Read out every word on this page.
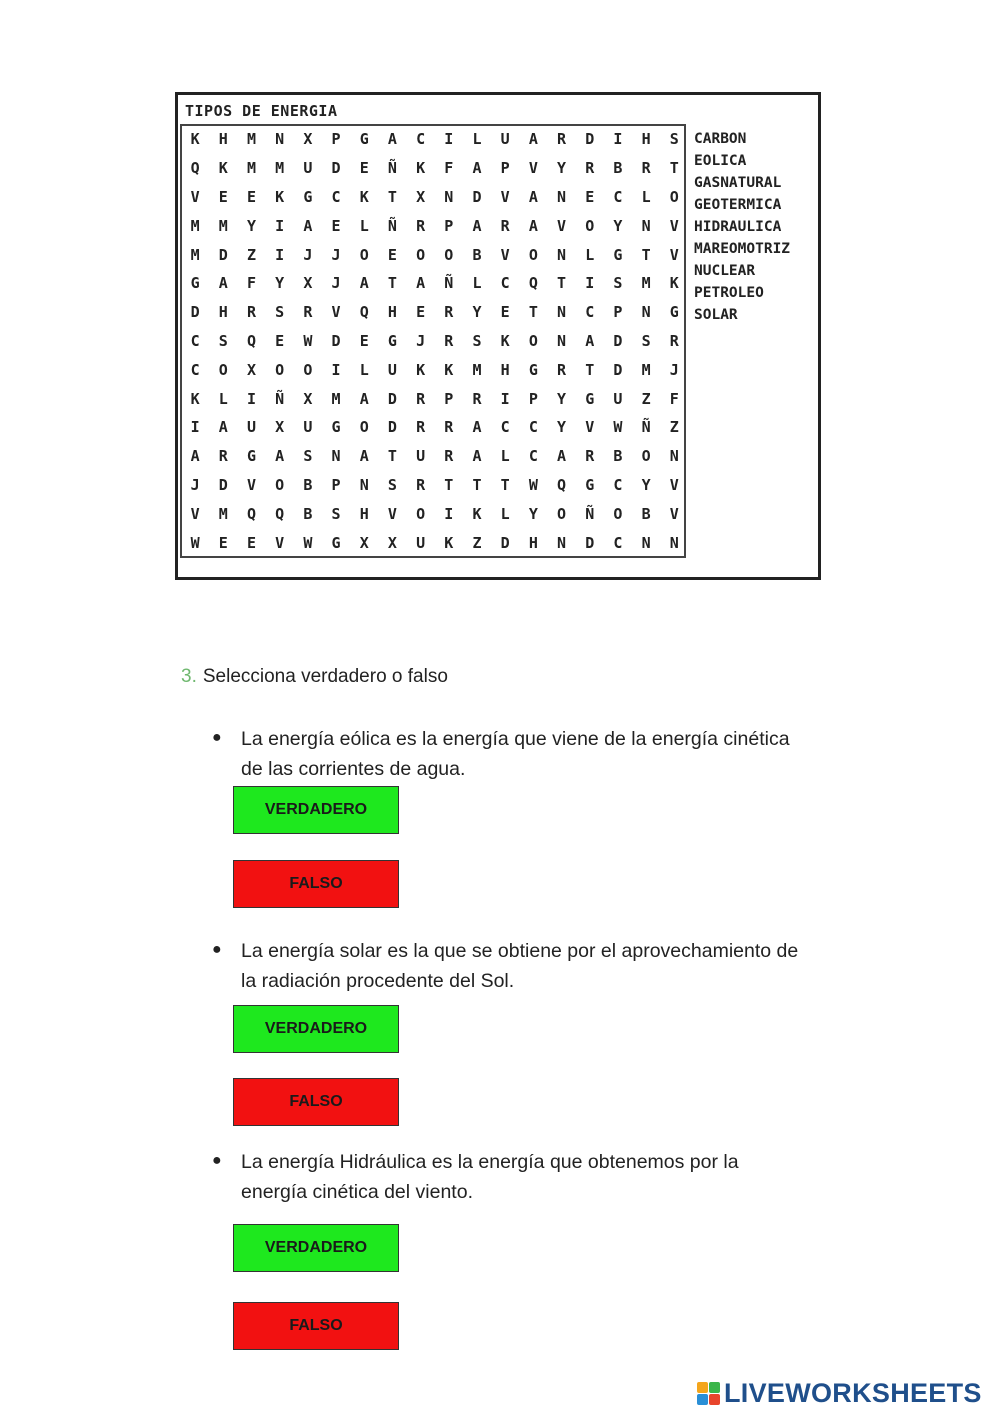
TIPOS DE ENERGIA
K	H	M	N	X	P	G	A	C	I	L	U	A	R	D	I	H	S
Q	K	M	M	U	D	E	Ñ	K	F	A	P	V	Y	R	B	R	T
V	E	E	K	G	C	K	T	X	N	D	V	A	N	E	C	L	O
M	M	Y	I	A	E	L	Ñ	R	P	A	R	A	V	O	Y	N	V
M	D	Z	I	J	J	O	E	O	O	B	V	O	N	L	G	T	V
G	A	F	Y	X	J	A	T	A	Ñ	L	C	Q	T	I	S	M	K
D	H	R	S	R	V	Q	H	E	R	Y	E	T	N	C	P	N	G
C	S	Q	E	W	D	E	G	J	R	S	K	O	N	A	D	S	R
C	O	X	O	O	I	L	U	K	K	M	H	G	R	T	D	M	J
K	L	I	Ñ	X	M	A	D	R	P	R	I	P	Y	G	U	Z	F
I	A	U	X	U	G	O	D	R	R	A	C	C	Y	V	W	Ñ	Z
A	R	G	A	S	N	A	T	U	R	A	L	C	A	R	B	O	N
J	D	V	O	B	P	N	S	R	T	T	T	W	Q	G	C	Y	V
V	M	Q	Q	B	S	H	V	O	I	K	L	Y	O	Ñ	O	B	V
W	E	E	V	W	G	X	X	U	K	Z	D	H	N	D	C	N	N
CARBON
EOLICA
GASNATURAL
GEOTERMICA
HIDRAULICA
MAREOMOTRIZ
NUCLEAR
PETROLEO
SOLAR
3. Selecciona verdadero o falso
● La energía eólica es la energía que viene de la energía cinética
de las corrientes de agua.
VERDADERO
FALSO
● La energía solar es la que se obtiene por el aprovechamiento de
la radiación procedente del Sol.
VERDADERO
FALSO
● La energía Hidráulica es la energía que obtenemos por la
energía cinética del viento.
VERDADERO
FALSO
LIVEWORKSHEETS
